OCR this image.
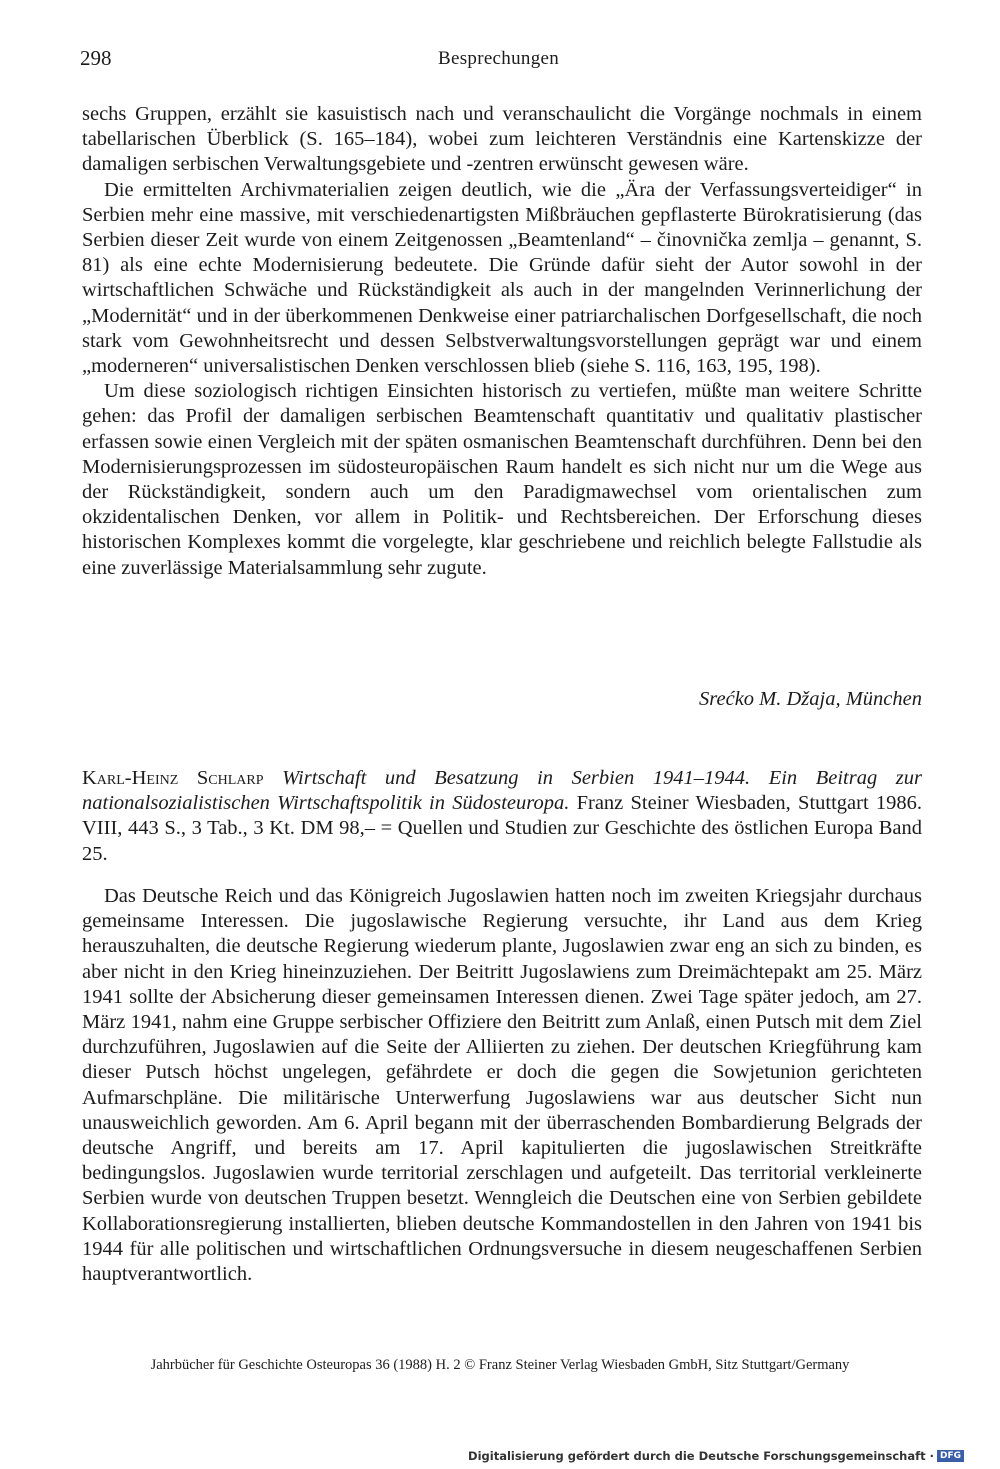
298	Besprechungen

sechs Gruppen, erzählt sie kasuistisch nach und veranschaulicht die Vorgänge nochmals in einem tabellarischen Überblick (S. 165–184), wobei zum leichteren Verständnis eine Kartenskizze der damaligen serbischen Verwaltungsgebiete und -zentren erwünscht gewesen wäre.

Die ermittelten Archivmaterialien zeigen deutlich, wie die „Ära der Verfassungsverteidiger“ in Serbien mehr eine massive, mit verschiedenartigsten Mißbräuchen gepflasterte Bürokratisierung (das Serbien dieser Zeit wurde von einem Zeitgenossen „Beamtenland“ – činovnička zemlja – genannt, S. 81) als eine echte Modernisierung bedeutete. Die Gründe dafür sieht der Autor sowohl in der wirtschaftlichen Schwäche und Rückständigkeit als auch in der mangelnden Verinnerlichung der „Modernität“ und in der überkommenen Denkweise einer patriarchalischen Dorfgesellschaft, die noch stark vom Gewohnheitsrecht und dessen Selbstverwaltungsvorstellungen geprägt war und einem „moderneren“ universalistischen Denken verschlossen blieb (siehe S. 116, 163, 195, 198).

Um diese soziologisch richtigen Einsichten historisch zu vertiefen, müßte man weitere Schritte gehen: das Profil der damaligen serbischen Beamtenschaft quantitativ und qualitativ plastischer erfassen sowie einen Vergleich mit der späten osmanischen Beamtenschaft durchführen. Denn bei den Modernisierungsprozessen im südosteuropäischen Raum handelt es sich nicht nur um die Wege aus der Rückständigkeit, sondern auch um den Paradigmawechsel vom orientalischen zum okzidentalischen Denken, vor allem in Politik- und Rechtsbereichen. Der Erforschung dieses historischen Komplexes kommt die vorgelegte, klar geschriebene und reichlich belegte Fallstudie als eine zuverlässige Materialsammlung sehr zugute.

Srećko M. Džaja, München
Karl-Heinz Schlarp Wirtschaft und Besatzung in Serbien 1941–1944. Ein Beitrag zur nationalsozialistischen Wirtschaftspolitik in Südosteuropa. Franz Steiner Wiesbaden, Stuttgart 1986. VIII, 443 S., 3 Tab., 3 Kt. DM 98,– = Quellen und Studien zur Geschichte des östlichen Europa Band 25.

Das Deutsche Reich und das Königreich Jugoslawien hatten noch im zweiten Kriegsjahr durchaus gemeinsame Interessen. Die jugoslawische Regierung versuchte, ihr Land aus dem Krieg herauszuhalten, die deutsche Regierung wiederum plante, Jugoslawien zwar eng an sich zu binden, es aber nicht in den Krieg hineinzuziehen. Der Beitritt Jugoslawiens zum Dreimächtepakt am 25. März 1941 sollte der Absicherung dieser gemeinsamen Interessen dienen. Zwei Tage später jedoch, am 27. März 1941, nahm eine Gruppe serbischer Offiziere den Beitritt zum Anlaß, einen Putsch mit dem Ziel durchzuführen, Jugoslawien auf die Seite der Alliierten zu ziehen. Der deutschen Kriegführung kam dieser Putsch höchst ungelegen, gefährdete er doch die gegen die Sowjetunion gerichteten Aufmarschpläne. Die militärische Unterwerfung Jugoslawiens war aus deutscher Sicht nun unausweichlich geworden. Am 6. April begann mit der überraschenden Bombardierung Belgrads der deutsche Angriff, und bereits am 17. April kapitulierten die jugoslawischen Streitkräfte bedingungslos. Jugoslawien wurde territorial zerschlagen und aufgeteilt. Das territorial verkleinerte Serbien wurde von deutschen Truppen besetzt. Wenngleich die Deutschen eine von Serbien gebildete Kollaborationsregierung installierten, blieben deutsche Kommandostellen in den Jahren von 1941 bis 1944 für alle politischen und wirtschaftlichen Ordnungsversuche in diesem neugeschaffenen Serbien hauptverantwortlich.

Jahrbücher für Geschichte Osteuropas 36 (1988) H. 2 © Franz Steiner Verlag Wiesbaden GmbH, Sitz Stuttgart/Germany
Digitalisierung gefördert durch die Deutsche Forschungsgemeinschaft · DFG
